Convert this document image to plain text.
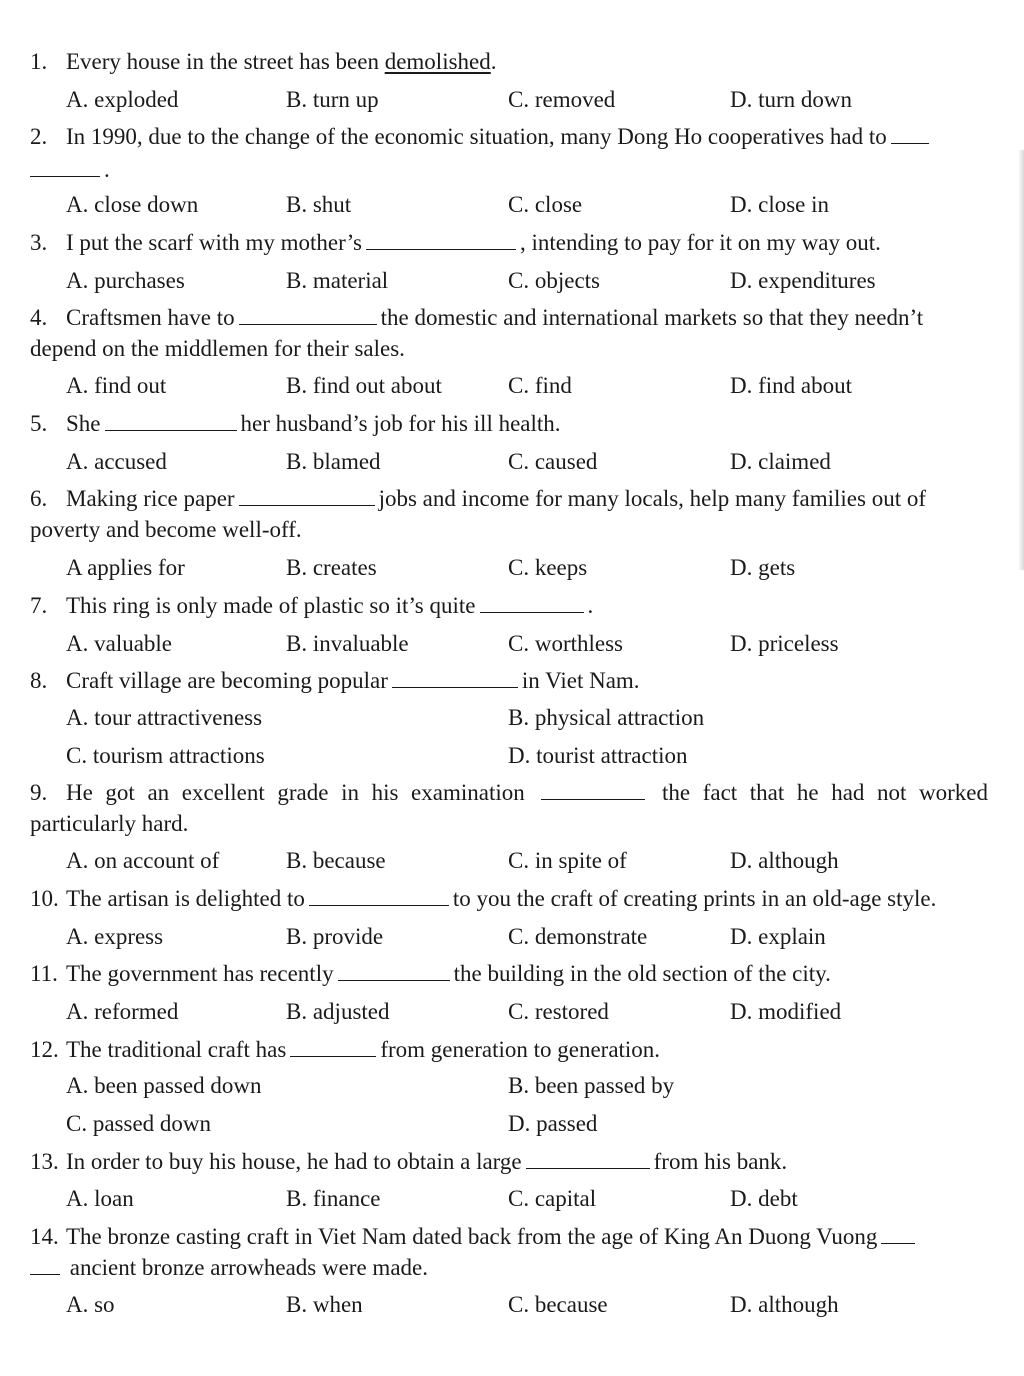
1. Every house in the street has been demolished.
A. exploded	B. turn up	C. removed	D. turn down
2. In 1990, due to the change of the economic situation, many Dong Ho cooperatives had to
.
A. close down	B. shut	C. close	D. close in
3. I put the scarf with my mother’s	, intending to pay for it on my way out.
A. purchases	B. material	C. objects	D. expenditures
4. Craftsmen have to	the domestic and international markets so that they needn’t
depend on the middlemen for their sales.
A. find out	B. find out about	C. find	D. find about
5. She	her husband’s job for his ill health.
A. accused	B. blamed	C. caused	D. claimed
6. Making rice paper	jobs and income for many locals, help many families out of
poverty and become well-off.
A applies for	B. creates	C. keeps	D. gets
7. This ring is only made of plastic so it’s quite	.
A. valuable	B. invaluable	C. worthless	D. priceless
8. Craft village are becoming popular	in Viet Nam.
A. tour attractiveness	B. physical attraction
C. tourism attractions	D. tourist attraction
9. He got an excellent grade in his examination	the fact that he had not worked
particularly hard.
A. on account of	B. because	C. in spite of	D. although
10. The artisan is delighted to	to you the craft of creating prints in an old-age style.
A. express	B. provide	C. demonstrate	D. explain
11. The government has recently	the building in the old section of the city.
A. reformed	B. adjusted	C. restored	D. modified
12. The traditional craft has	from generation to generation.
A. been passed down	B. been passed by
C. passed down	D. passed
13. In order to buy his house, he had to obtain a large	from his bank.
A. loan	B. finance	C. capital	D. debt
14. The bronze casting craft in Viet Nam dated back from the age of King An Duong Vuong
ancient bronze arrowheads were made.
A. so	B. when	C. because	D. although
